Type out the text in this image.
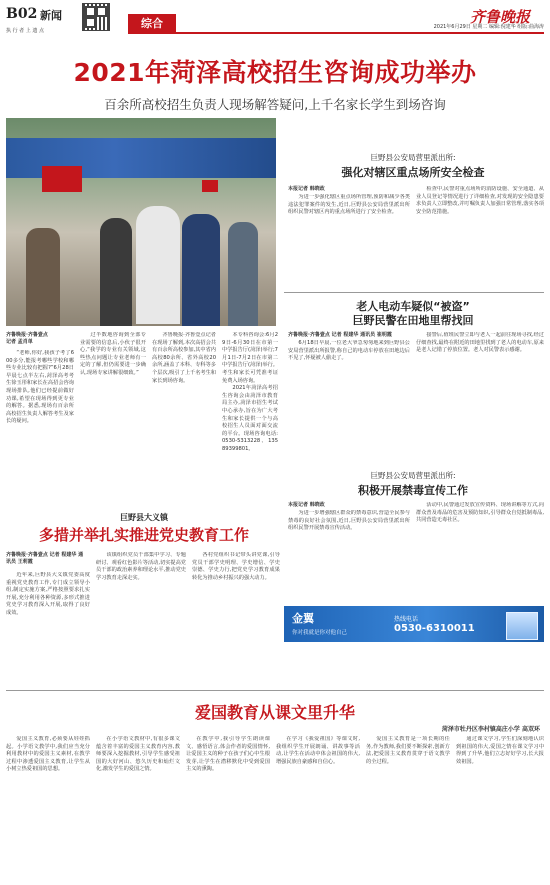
B02 新闻
执 行 者 上 遗 点
综合	齐鲁晚报
2021年6月29日 星期二 编辑:倪建华 组版:曲海涛
2021年菏泽高校招生咨询成功举办
百余所高校招生负责人现场解答疑问,上千名家长学生到场咨询
巨野县公安局营里派出所:
强化对辖区重点场所安全检查
本报记者 韩晓政

为进一步强化辖区重点场所管理,预防和减少各类违法犯罪案件的发生,近日,巨野县公安局营里派出所组织民警对辖区内的重点场所进行了安全检查。

检查中,民警对重点场所的消防设施、安全通道、从业人员登记等情况进行了详细检查,对发现的安全隐患要求负责人立即整改,并叮嘱负责人加强日常管理,落实各项安全防范措施。

老人电动车疑似“被盗”
巨野民警在田地里帮找回
齐鲁晚报·齐鲁壹点 记者 程建华 通讯员 崔明霞

6月18日早晨,一位老大爷急匆匆地来到巨野县公安局营里派出所报警,称自己的电动车停放在田地边后不见了,怀疑被人偷走了。

接警后,值班民警立即与老人一起前往现场寻找,经过仔细查找,最终在附近的田地里找到了老人的电动车,原来是老人记错了停放位置。老人对民警表示感谢。

齐鲁晚报·齐鲁壹点
记者 孟肖单

“老师,你好,我孩子考了600多分,能报考哪些学校和哪些专业比较有把握?”6月28日早晨七点半左右,菏泽高考考生徐玉彤和家长在高招会咨询现场排队,他们已经提前做好功课,希望在现场得到更专业的解答。据悉,现场有百余所高校招生负责人解答考生及家长的疑问。

过半数地咨询到全部专业需要的信息后,小伙子很开心,“我学的专业有关领域,这些热点问题让专业老师有一定的了解,但仍需要进一步确认,现场专家讲解很细致。”

齐鲁晚报·齐鲁壹点记者在现场了解到,本次高招会共有百余所高校参加,其中省内高校80余所、省外高校20余所,涵盖了本科、专科等多个层次,吸引了上千名考生和家长到场咨询。

本专科咨询会:6月29日-6月30日在市第一中学报告厅(菏泽)举行;7月1日-7月2日在市第二中学报告厅(菏泽)举行。考生和家长可凭准考证免费入场咨询。

2021年菏泽高考招生咨询会由菏泽市教育局主办,菏泽市招生考试中心承办,旨在为广大考生和家长提供一个与高校招生人员面对面交流的平台。现场咨询电话:0530-5313228、13589399801。

巨野县公安局营里派出所:
积极开展禁毒宣传工作
本报记者 韩晓政

为进一步增强辖区群众的禁毒意识,营造全民参与禁毒的良好社会氛围,近日,巨野县公安局营里派出所组织民警开展禁毒宣传活动。

活动中,民警通过发放宣传资料、现场讲解等方式,向群众普及毒品的危害及预防知识,引导群众自觉抵制毒品,共同营造无毒社区。

金翼
你对我就是你对他自己
热线电话
0530-6310011
巨野县大义镇
多措并举扎实推进党史教育工作
齐鲁晚报·齐鲁壹点 记者 程建华 通讯员 王莉霞

近年来,巨野县大义镇党委高度重视党史教育工作,专门成立领导小组,制定实施方案,严格按照要求扎实开展,充分利用各种资源,多形式推进党史学习教育深入开展,取得了良好成效。

该镇组织党员干部集中学习、专题研讨、观看红色影片等活动,切实提高党员干部的政治素养和理论水平,推动党史学习教育走深走实。

各村党组织书记带头讲党课,引导党员干部学史明理、学史增信、学史崇德、学史力行,把党史学习教育成果转化为推动乡村振兴的强大动力。

爱国教育从课文里升华
菏泽市牡丹区李村镇高庄小学 高双环

爱国主义教育,必须要从娃娃抓起。小学语文教学中,我们应当充分利用教材中的爱国主义素材,在教学过程中渗透爱国主义教育,让学生从小树立热爱祖国的思想。

在小学语文教材中,有很多课文蕴含着丰富的爱国主义教育内容,教师要深入挖掘教材,引导学生感受祖国的大好河山、悠久历史和灿烂文化,激发学生的爱国之情。

在教学中,我引导学生朗读课文、感悟语言,体会作者的爱国情怀,让爱国主义的种子在孩子们心中生根发芽,让学生在潜移默化中受到爱国主义的熏陶。

在学习《我爱祖国》等课文时,我组织学生开展朗诵、讲故事等活动,让学生在活动中体会祖国的伟大,增强民族自豪感和自信心。

爱国主义教育是一项长期的任务,作为教师,我们要不断探索,创新方法,把爱国主义教育贯穿于语文教学的全过程。

通过课文学习,学生们深刻地认识到祖国的伟大,爱国之情在课文学习中得到了升华,他们立志好好学习,长大报效祖国。
